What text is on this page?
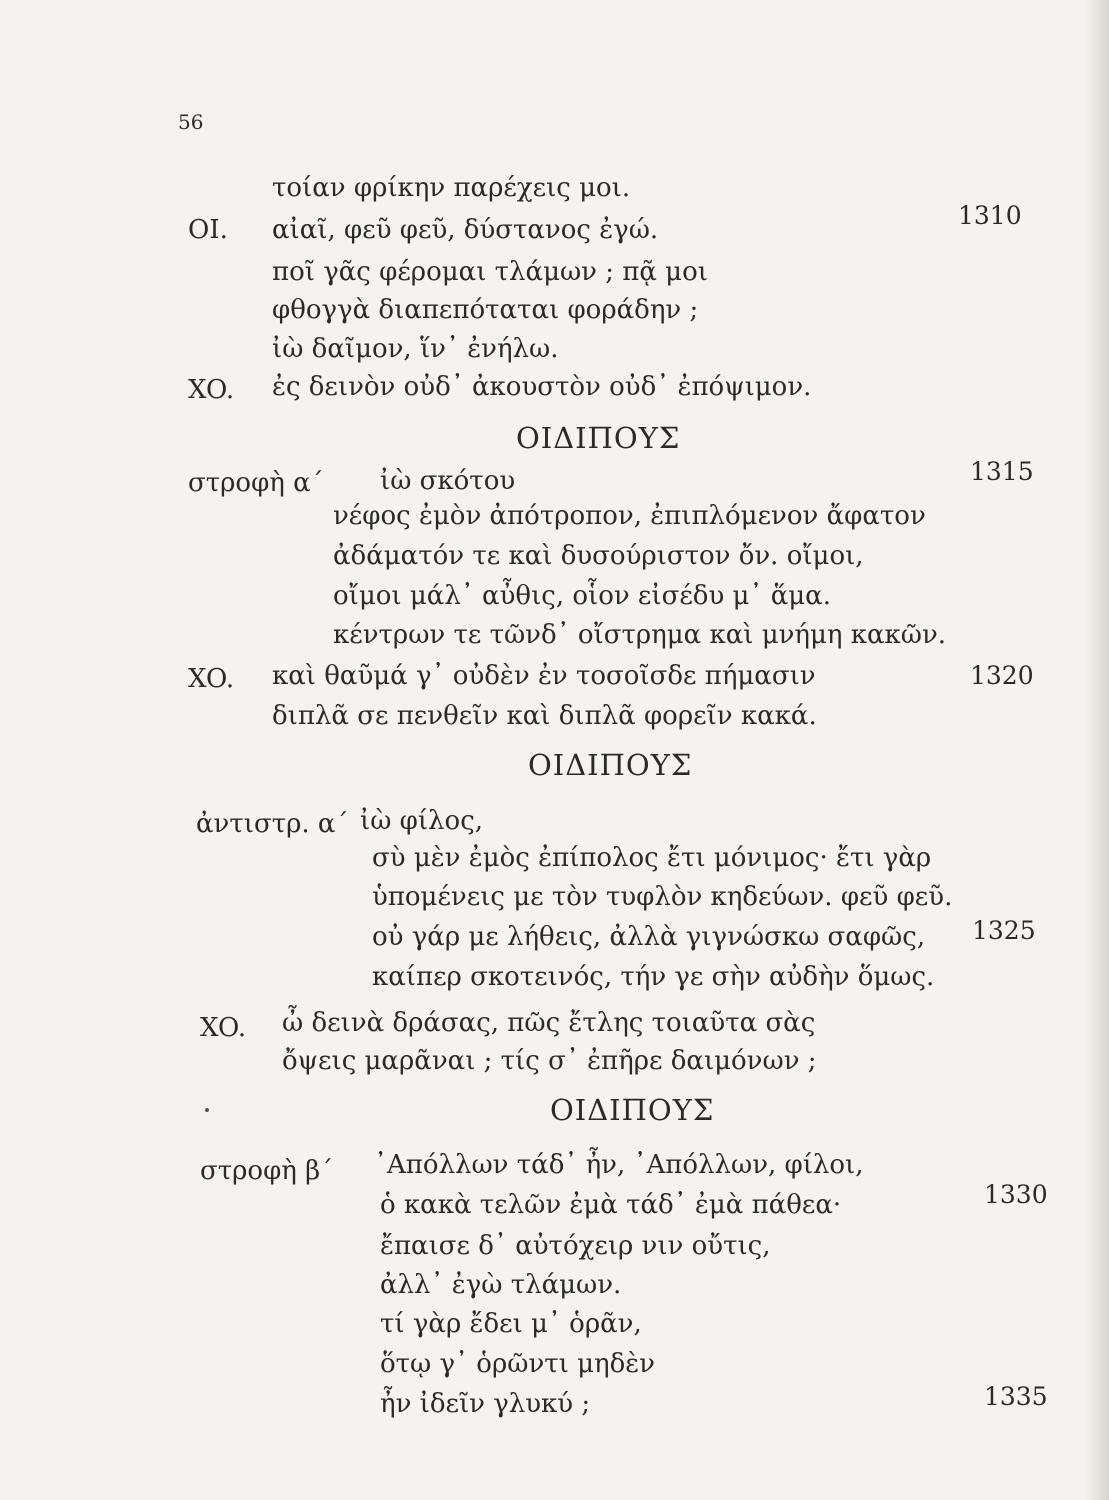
56
τοίαν φρίκην παρέχεις μοι.
OI. αἰαῖ, φεῦ φεῦ, δύστανος ἐγώ.	1310
ποῖ γᾶς φέρομαι τλάμων ; πᾷ μοι
φθογγὰ διαπεπόταται φοράδην ;
ἰὼ δαῖμον, ἵν᾽ ἐνήλω.
XO. ἐς δεινὸν οὐδ᾽ ἀκουστὸν οὐδ᾽ ἐπόψιμον.
ΟΙΔΙΠΟΥΣ
στροφὴ α΄ ἰὼ σκότου	1315
νέφος ἐμὸν ἀπότροπον, ἐπιπλόμενον ἄφατον
ἀδάματόν τε καὶ δυσούριστον ὄν. οἴμοι,
οἴμοι μάλ᾽ αὖθις, οἷον εἰσέδυ μ᾽ ἅμα.
κέντρων τε τῶνδ᾽ οἴστρημα καὶ μνήμη κακῶν.
XO. καὶ θαῦμά γ᾽ οὐδὲν ἐν τοσοῖσδε πήμασιν	1320
διπλᾶ σε πενθεῖν καὶ διπλᾶ φορεῖν κακά.
ΟΙΔΙΠΟΥΣ
ἀντιστρ. α΄ ἰὼ φίλος,
σὺ μὲν ἐμὸς ἐπίπολος ἔτι μόνιμος· ἔτι γὰρ
ὑπομένεις με τὸν τυφλὸν κηδεύων. φεῦ φεῦ.
οὐ γάρ με λήθεις, ἀλλὰ γιγνώσκω σαφῶς, 1325
καίπερ σκοτεινός, τήν γε σὴν αὐδὴν ὅμως.
XO. ὦ δεινὰ δράσας, πῶς ἔτλης τοιαῦτα σὰς
ὄψεις μαρᾶναι ; τίς σ᾽ ἐπῆρε δαιμόνων ;
ΟΙΔΙΠΟΥΣ
στροφὴ β΄ ᾽Απόλλων τάδ᾽ ἦν, ᾽Απόλλων, φίλοι,
ὁ κακὰ τελῶν ἐμὰ τάδ᾽ ἐμὰ πάθεα·	1330
ἔπαισε δ᾽ αὐτόχειρ νιν οὔτις,
ἀλλ᾽ ἐγὼ τλάμων.
τί γὰρ ἔδει μ᾽ ὁρᾶν,
ὅτῳ γ᾽ ὁρῶντι μηδὲν
ἦν ἰδεῖν γλυκύ ;	1335
